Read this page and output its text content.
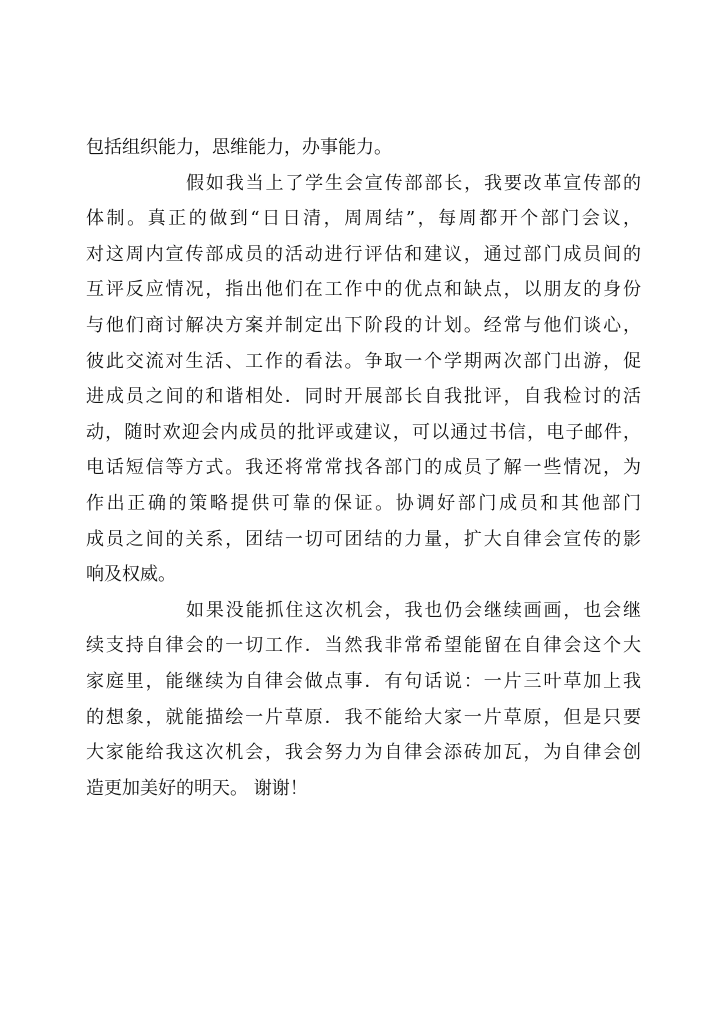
包括组织能力，思维能力，办事能力。
假如我当上了学生会宣传部部长，我要改革宣传部的
体制。真正的做到“日日清，周周结”，每周都开个部门会议，
对这周内宣传部成员的活动进行评估和建议，通过部门成员间的
互评反应情况，指出他们在工作中的优点和缺点，以朋友的身份
与他们商讨解决方案并制定出下阶段的计划。经常与他们谈心，
彼此交流对生活、工作的看法。争取一个学期两次部门出游，促
进成员之间的和谐相处．同时开展部长自我批评，自我检讨的活
动，随时欢迎会内成员的批评或建议，可以通过书信，电子邮件，
电话短信等方式。我还将常常找各部门的成员了解一些情况，为
作出正确的策略提供可靠的保证。协调好部门成员和其他部门
成员之间的关系，团结一切可团结的力量，扩大自律会宣传的影
响及权威。
如果没能抓住这次机会，我也仍会继续画画，也会继
续支持自律会的一切工作．当然我非常希望能留在自律会这个大
家庭里，能继续为自律会做点事．有句话说：一片三叶草加上我
的想象，就能描绘一片草原．我不能给大家一片草原，但是只要
大家能给我这次机会，我会努力为自律会添砖加瓦，为自律会创
造更加美好的明天。 谢谢！
